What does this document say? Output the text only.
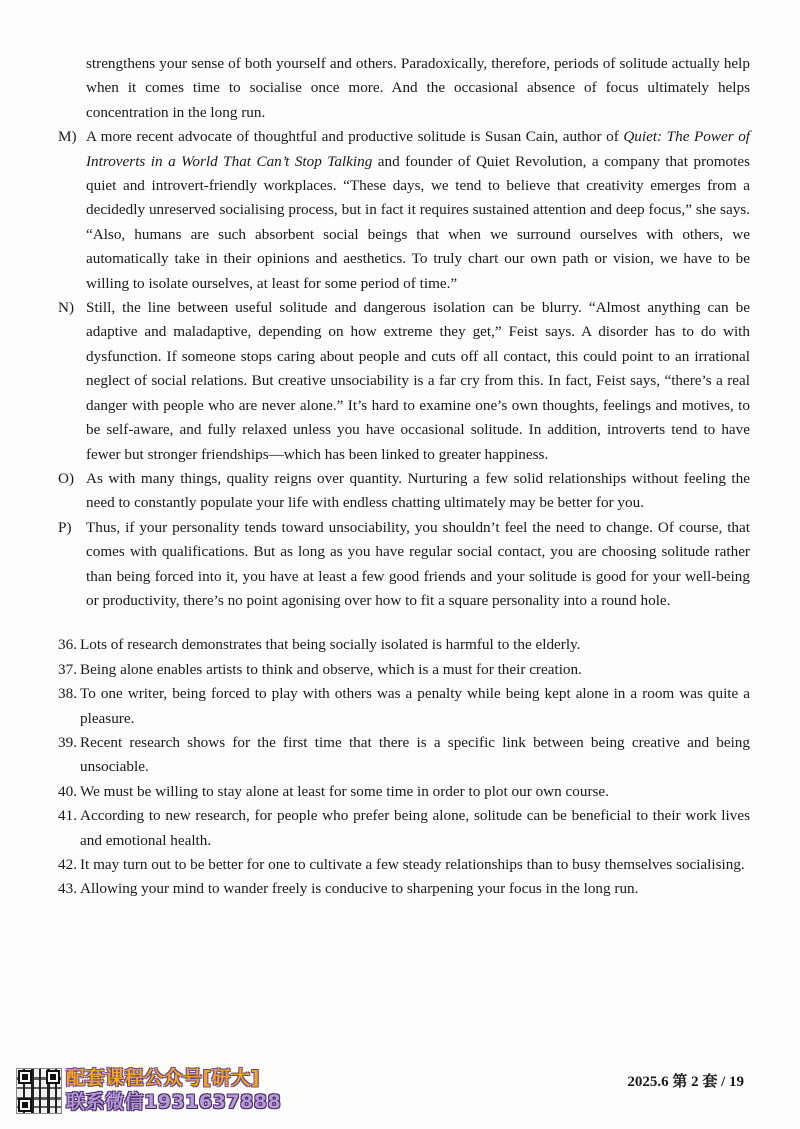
strengthens your sense of both yourself and others. Paradoxically, therefore, periods of solitude actually help when it comes time to socialise once more. And the occasional absence of focus ultimately helps concentration in the long run.

M) A more recent advocate of thoughtful and productive solitude is Susan Cain, author of Quiet: The Power of Introverts in a World That Can’t Stop Talking and founder of Quiet Revolution, a company that promotes quiet and introvert-friendly workplaces. “These days, we tend to believe that creativity emerges from a decidedly unreserved socialising process, but in fact it requires sustained attention and deep focus,” she says. “Also, humans are such absorbent social beings that when we surround ourselves with others, we automatically take in their opinions and aesthetics. To truly chart our own path or vision, we have to be willing to isolate ourselves, at least for some period of time.”

N) Still, the line between useful solitude and dangerous isolation can be blurry. “Almost anything can be adaptive and maladaptive, depending on how extreme they get,” Feist says. A disorder has to do with dysfunction. If someone stops caring about people and cuts off all contact, this could point to an irrational neglect of social relations. But creative unsociability is a far cry from this. In fact, Feist says, “there’s a real danger with people who are never alone.” It’s hard to examine one’s own thoughts, feelings and motives, to be self-aware, and fully relaxed unless you have occasional solitude. In addition, introverts tend to have fewer but stronger friendships—which has been linked to greater happiness.

O) As with many things, quality reigns over quantity. Nurturing a few solid relationships without feeling the need to constantly populate your life with endless chatting ultimately may be better for you.

P) Thus, if your personality tends toward unsociability, you shouldn’t feel the need to change. Of course, that comes with qualifications. But as long as you have regular social contact, you are choosing solitude rather than being forced into it, you have at least a few good friends and your solitude is good for your well-being or productivity, there’s no point agonising over how to fit a square personality into a round hole.

36. Lots of research demonstrates that being socially isolated is harmful to the elderly.

37. Being alone enables artists to think and observe, which is a must for their creation.

38. To one writer, being forced to play with others was a penalty while being kept alone in a room was quite a pleasure.

39. Recent research shows for the first time that there is a specific link between being creative and being unsociable.

40. We must be willing to stay alone at least for some time in order to plot our own course.

41. According to new research, for people who prefer being alone, solitude can be beneficial to their work lives and emotional health.

42. It may turn out to be better for one to cultivate a few steady relationships than to busy themselves socialising.

43. Allowing your mind to wander freely is conducive to sharpening your focus in the long run.

配套课程公众号[研大]
联系微信1931637888
2025.6 第 2 套 / 19
